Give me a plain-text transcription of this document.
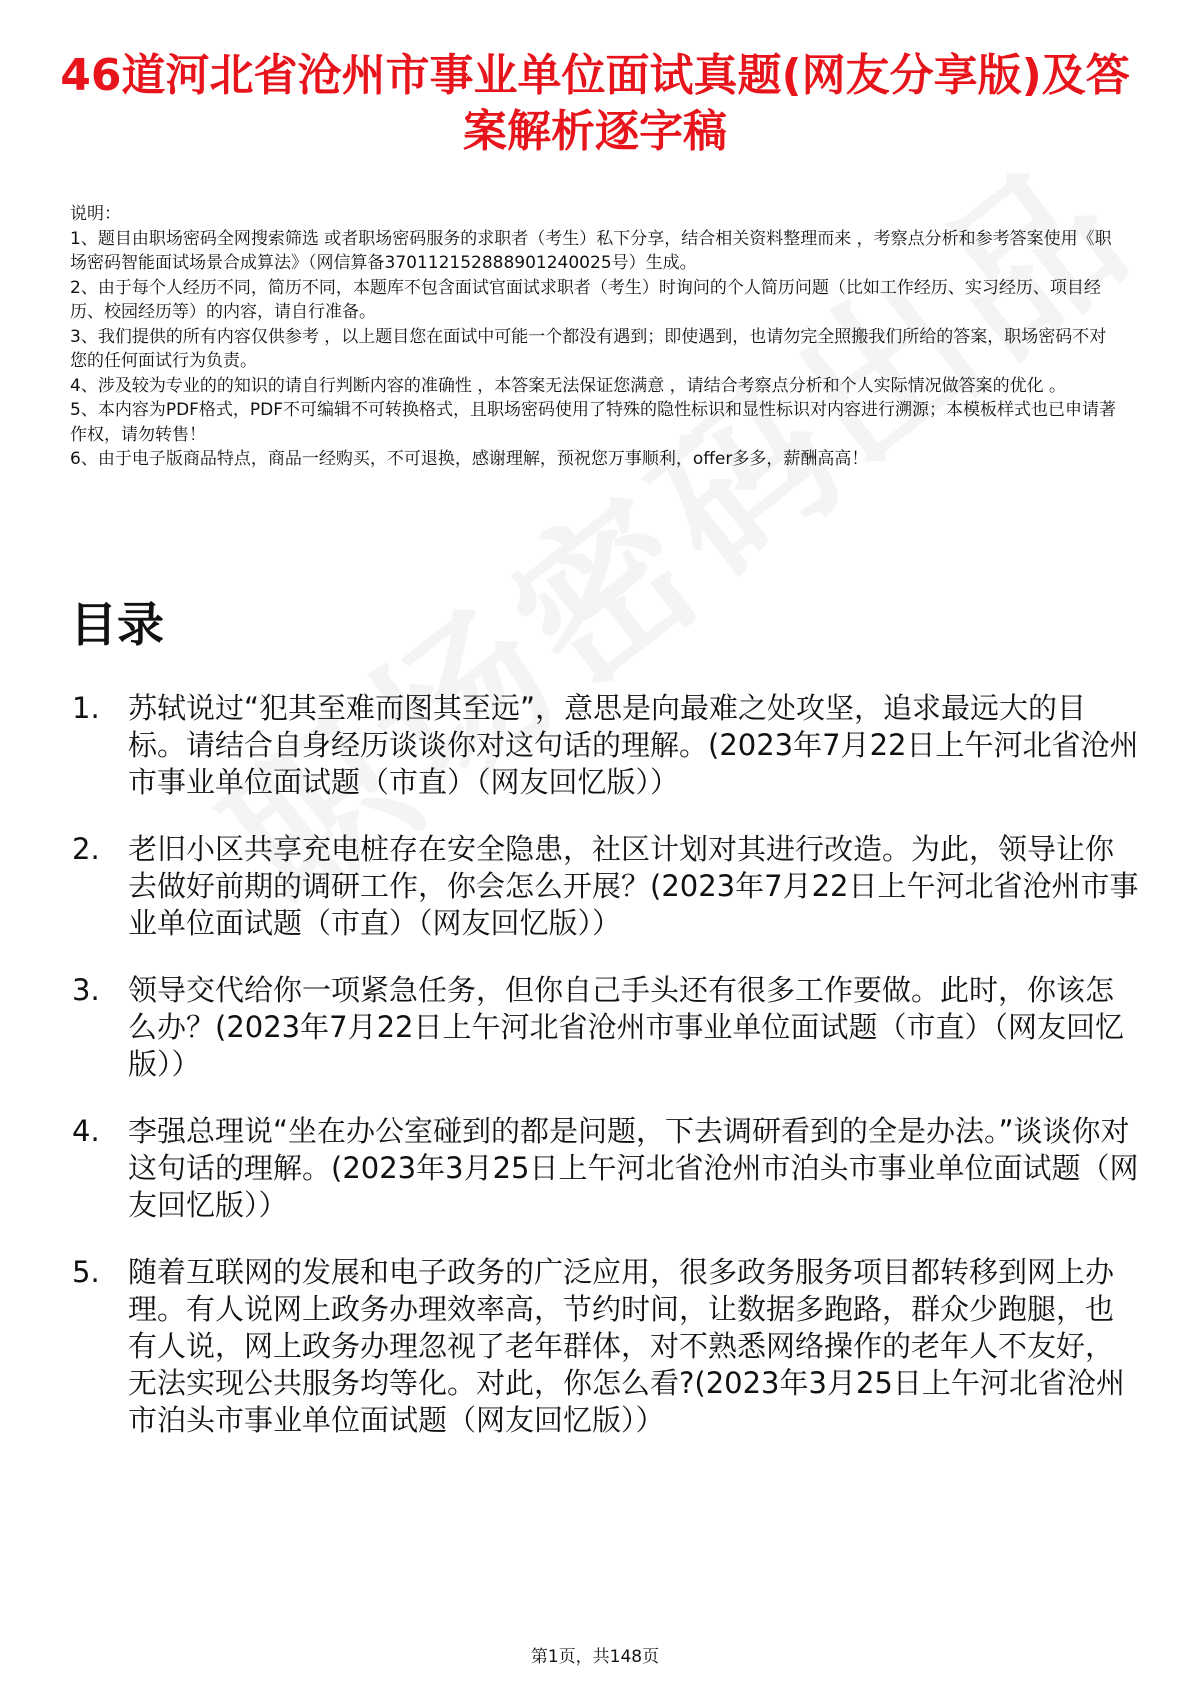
46道河北省沧州市事业单位面试真题(网友分享版)及答案解析逐字稿

说明：

1、题目由职场密码全网搜索筛选 或者职场密码服务的求职者（考生）私下分享，结合相关资料整理而来 ，考察点分析和参考答案使用《职场密码智能面试场景合成算法》（网信算备370112152888901240025号）生成。

2、由于每个人经历不同，简历不同，本题库不包含面试官面试求职者（考生）时询问的个人简历问题（比如工作经历、实习经历、项目经历、校园经历等）的内容，请自行准备。

3、我们提供的所有内容仅供参考 ，以上题目您在面试中可能一个都没有遇到；即使遇到，也请勿完全照搬我们所给的答案，职场密码不对您的任何面试行为负责。

4、涉及较为专业的的知识的请自行判断内容的准确性 ，本答案无法保证您满意 ，请结合考察点分析和个人实际情况做答案的优化 。

5、本内容为PDF格式，PDF不可编辑不可转换格式，且职场密码使用了特殊的隐性标识和显性标识对内容进行溯源；本模板样式也已申请著作权，请勿转售！

6、由于电子版商品特点，商品一经购买，不可退换，感谢理解，预祝您万事顺利，offer多多，薪酬高高！

目录
1. 苏轼说过“犯其至难而图其至远”，意思是向最难之处攻坚，追求最远大的目标。请结合自身经历谈谈你对这句话的理解。(2023年7月22日上午河北省沧州市事业单位面试题（市直）（网友回忆版））
2. 老旧小区共享充电桩存在安全隐患，社区计划对其进行改造。为此，领导让你去做好前期的调研工作，你会怎么开展？(2023年7月22日上午河北省沧州市事业单位面试题（市直）（网友回忆版））
3. 领导交代给你一项紧急任务，但你自己手头还有很多工作要做。此时，你该怎么办？(2023年7月22日上午河北省沧州市事业单位面试题（市直）（网友回忆版））
4. 李强总理说“坐在办公室碰到的都是问题，下去调研看到的全是办法。”谈谈你对这句话的理解。(2023年3月25日上午河北省沧州市泊头市事业单位面试题（网友回忆版））
5. 随着互联网的发展和电子政务的广泛应用，很多政务服务项目都转移到网上办理。有人说网上政务办理效率高，节约时间，让数据多跑路，群众少跑腿，也有人说，网上政务办理忽视了老年群体，对不熟悉网络操作的老年人不友好，无法实现公共服务均等化。对此，你怎么看?(2023年3月25日上午河北省沧州市泊头市事业单位面试题（网友回忆版））
第1页，共148页
